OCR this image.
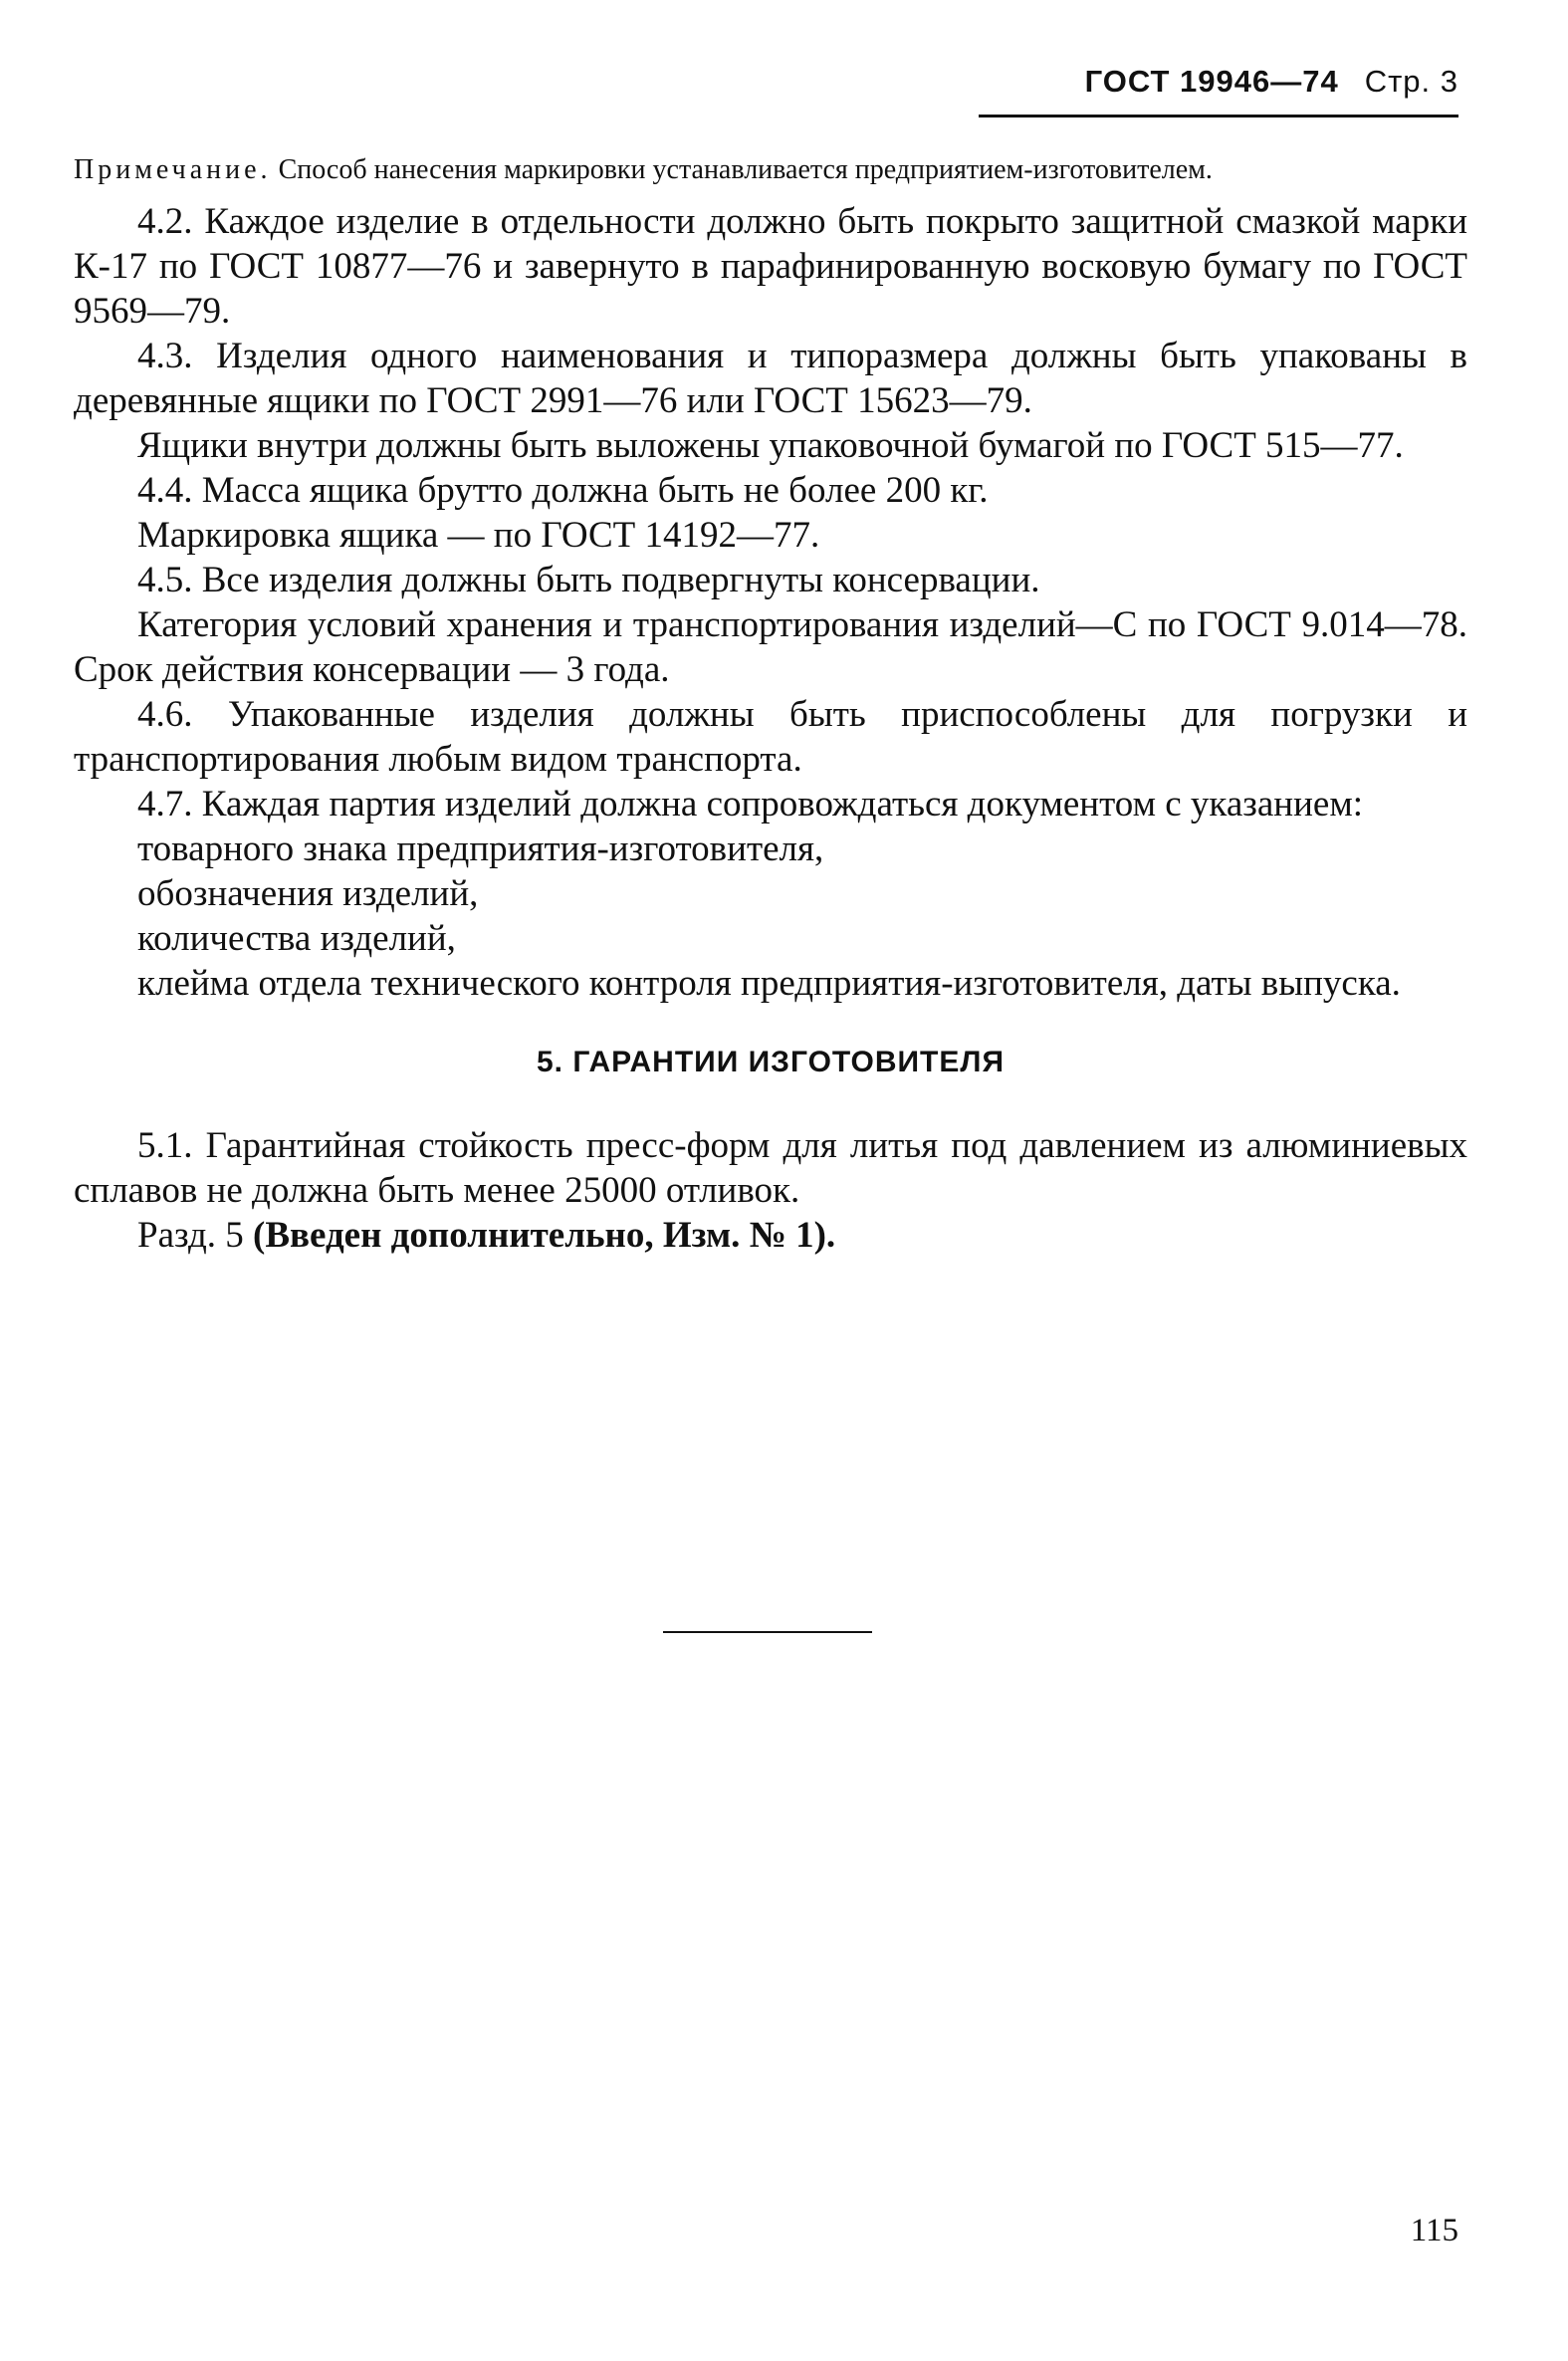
ГОСТ 19946—74 Стр. 3

Примечание. Способ нанесения маркировки устанавливается предприятием-изготовителем.

4.2. Каждое изделие в отдельности должно быть покрыто защитной смазкой марки К-17 по ГОСТ 10877—76 и завернуто в парафинированную восковую бумагу по ГОСТ 9569—79.

4.3. Изделия одного наименования и типоразмера должны быть упакованы в деревянные ящики по ГОСТ 2991—76 или ГОСТ 15623—79.

Ящики внутри должны быть выложены упаковочной бумагой по ГОСТ 515—77.

4.4. Масса ящика брутто должна быть не более 200 кг.

Маркировка ящика — по ГОСТ 14192—77.

4.5. Все изделия должны быть подвергнуты консервации.

Категория условий хранения и транспортирования изделий—С по ГОСТ 9.014—78. Срок действия консервации — 3 года.

4.6. Упакованные изделия должны быть приспособлены для погрузки и транспортирования любым видом транспорта.

4.7. Каждая партия изделий должна сопровождаться документом с указанием:

товарного знака предприятия-изготовителя,

обозначения изделий,

количества изделий,

клейма отдела технического контроля предприятия-изготовителя, даты выпуска.

5. ГАРАНТИИ ИЗГОТОВИТЕЛЯ

5.1. Гарантийная стойкость пресс-форм для литья под давлением из алюминиевых сплавов не должна быть менее 25000 отливок.

Разд. 5 (Введен дополнительно, Изм. № 1).

115
